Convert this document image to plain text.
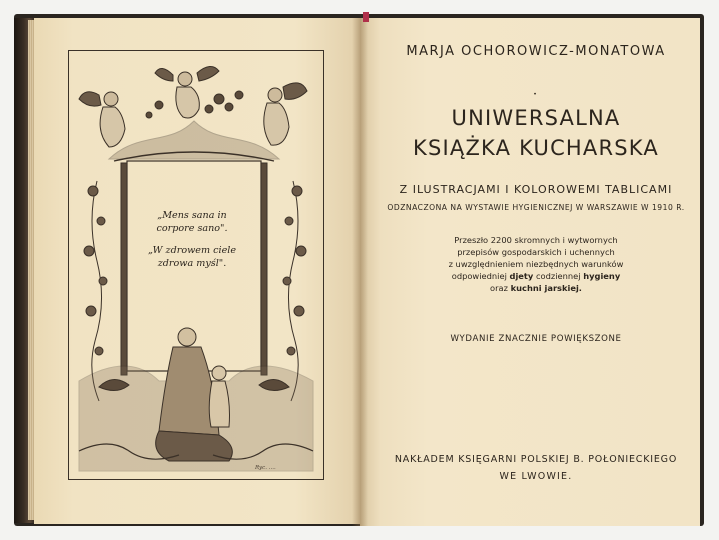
„Mens sana in
corpore sano".

„W zdrowem ciele
zdrowa myśl".

Ryc. ....
MARJA OCHOROWICZ-MONATOWA
•
UNIWERSALNA
KSIĄŻKA KUCHARSKA
Z ILUSTRACJAMI I KOLOROWEMI TABLICAMI
ODZNACZONA NA WYSTAWIE HYGIENICZNEJ W WARSZAWIE W 1910 R.
Przeszło 2200 skromnych i wytwornych
przepisów gospodarskich i uchennych
z uwzględnieniem niezbędnych warunków
odpowiedniej djety codziennej hygieny
oraz kuchni jarskiej.
WYDANIE ZNACZNIE POWIĘKSZONE
NAKŁADEM KSIĘGARNI POLSKIEJ B. POŁONIECKIEGO
WE LWOWIE.
